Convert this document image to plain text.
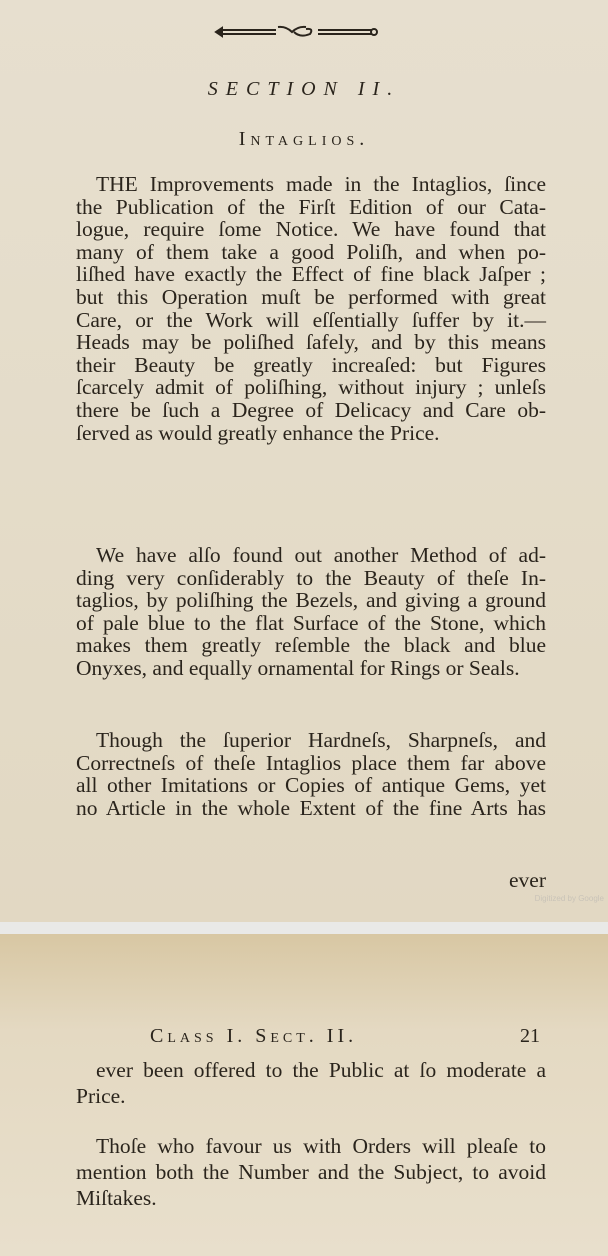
SECTION II.
Intaglios.
THE Improvements made in the Intaglios, ſince
the Publication of the Firſt Edition of our Cata-
logue, require ſome Notice. We have found that
many of them take a good Poliſh, and when po-
liſhed have exactly the Effect of fine black Jaſper ;
but this Operation muſt be performed with great
Care, or the Work will eſſentially ſuffer by it.—
Heads may be poliſhed ſafely, and by this means
their Beauty be greatly increaſed: but Figures
ſcarcely admit of poliſhing, without injury ; unleſs
there be ſuch a Degree of Delicacy and Care ob-
ſerved as would greatly enhance the Price.
We have alſo found out another Method of ad-
ding very conſiderably to the Beauty of theſe In-
taglios, by poliſhing the Bezels, and giving a ground
of pale blue to the flat Surface of the Stone, which
makes them greatly reſemble the black and blue
Onyxes, and equally ornamental for Rings or Seals.
Though the ſuperior Hardneſs, Sharpneſs, and
Correctneſs of theſe Intaglios place them far above
all other Imitations or Copies of antique Gems, yet
no Article in the whole Extent of the fine Arts has
ever
Digitized by Google
Class I. Sect. II.	21
ever been offered to the Public at ſo moderate a
Price.
Thoſe who favour us with Orders will pleaſe to
mention both the Number and the Subject, to avoid
Miſtakes.
